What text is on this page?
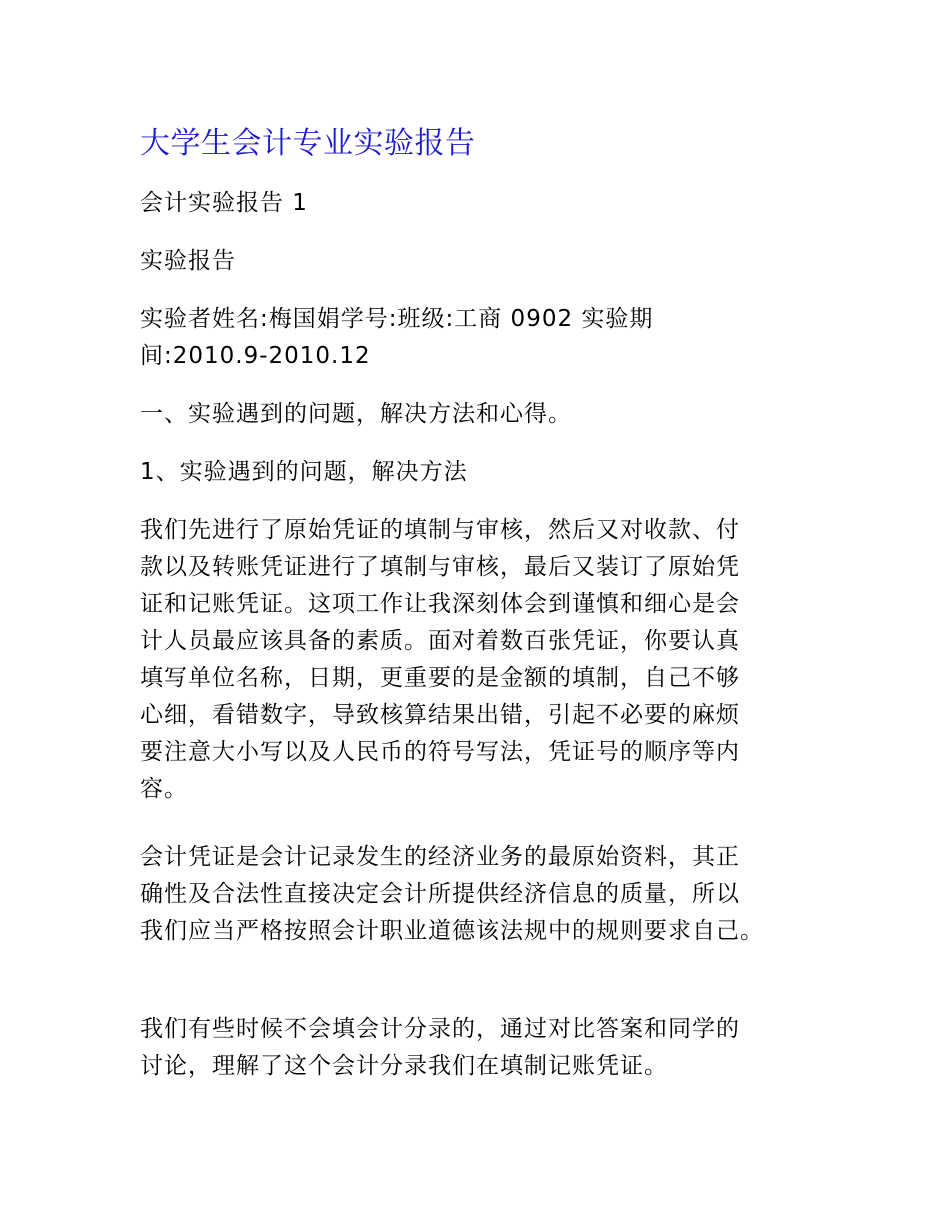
大学生会计专业实验报告
会计实验报告 1
实验报告
实验者姓名:梅国娟学号:班级:工商 0902 实验期
间:2010.9-2010.12
一、实验遇到的问题，解决方法和心得。
1、实验遇到的问题，解决方法
我们先进行了原始凭证的填制与审核，然后又对收款、付
款以及转账凭证进行了填制与审核，最后又装订了原始凭
证和记账凭证。这项工作让我深刻体会到谨慎和细心是会
计人员最应该具备的素质。面对着数百张凭证，你要认真
填写单位名称，日期，更重要的是金额的填制，自己不够
心细，看错数字，导致核算结果出错，引起不必要的麻烦
要注意大小写以及人民币的符号写法，凭证号的顺序等内
容。
会计凭证是会计记录发生的经济业务的最原始资料，其正
确性及合法性直接决定会计所提供经济信息的质量，所以
我们应当严格按照会计职业道德该法规中的规则要求自己。
我们有些时候不会填会计分录的，通过对比答案和同学的
讨论，理解了这个会计分录我们在填制记账凭证。
